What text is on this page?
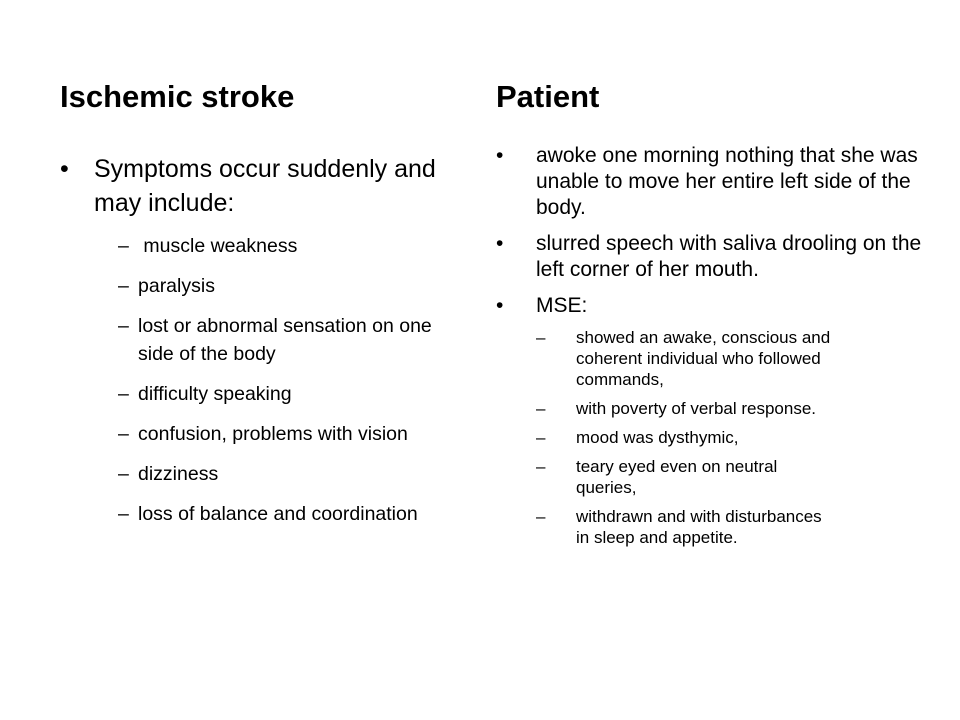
Ischemic stroke
• Symptoms occur suddenly and may include:
– muscle weakness
– paralysis
– lost or abnormal sensation on one side of the body
– difficulty speaking
– confusion, problems with vision
– dizziness
– loss of balance and coordination
Patient
• awoke one morning nothing that she was unable to move her entire left side of the body.
• slurred speech with saliva drooling on the left corner of her mouth.
• MSE:
– showed an awake, conscious and coherent individual who followed commands,
– with poverty of verbal response.
– mood was dysthymic,
– teary eyed even on neutral queries,
– withdrawn and with disturbances in sleep and appetite.
